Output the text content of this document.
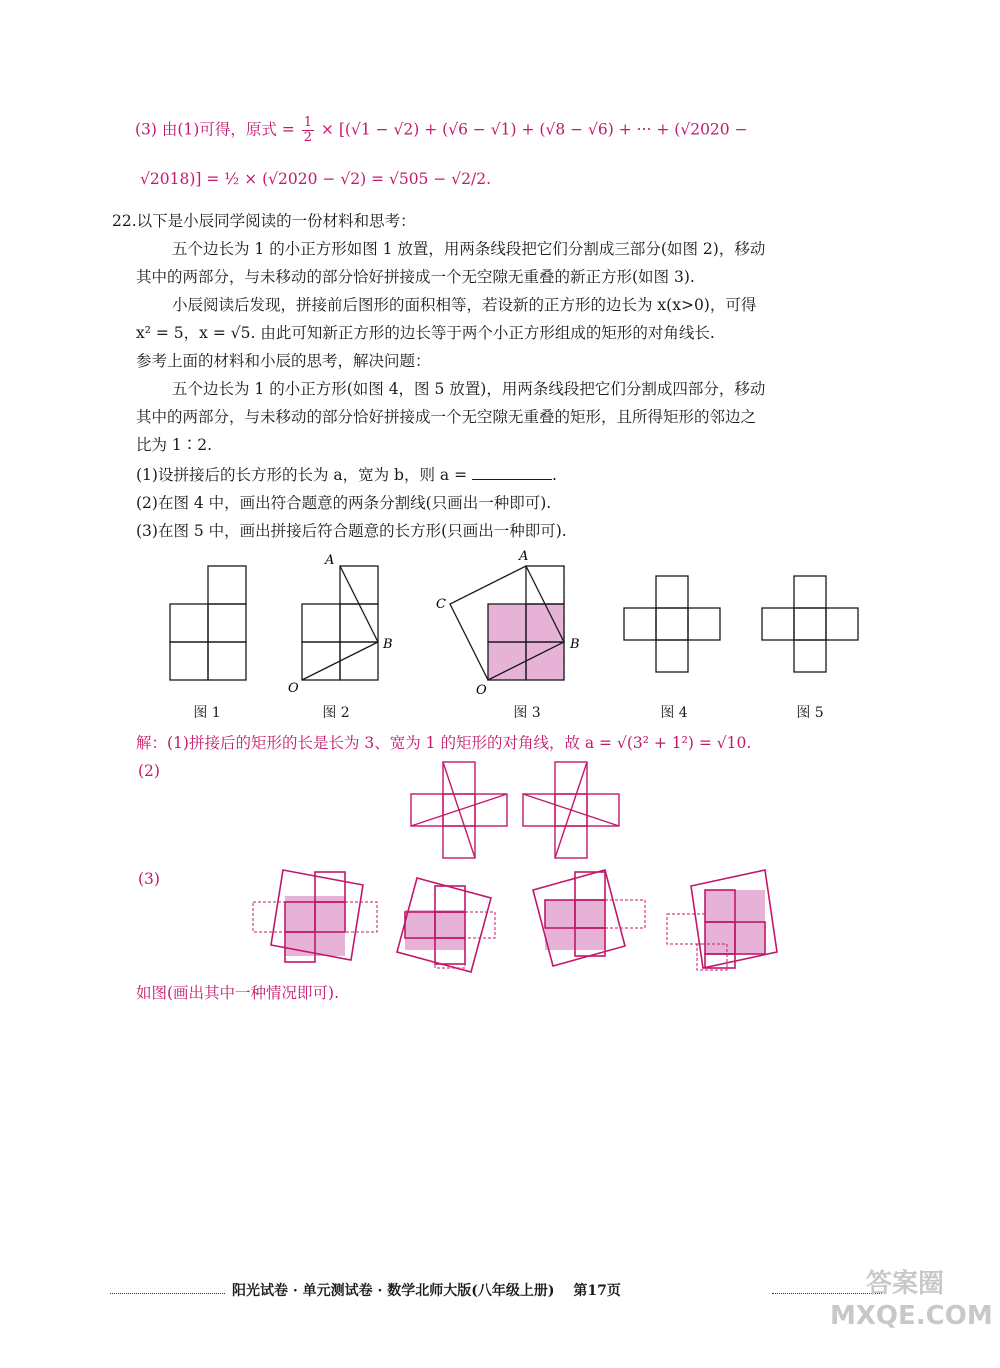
(3) 由(1)可得，原式 = $\frac{1}{2} \times [(√1 - √2) + (√6 - √1) + (√8 - √6)$ + ··· + (√2020 −
√2018)] = ½ × (√2020 − √2) = √505 − √2/2.
22.以下是小辰同学阅读的一份材料和思考：
五个边长为 1 的小正方形如图 1 放置，用两条线段把它们分割成三部分(如图 2)，移动
其中的两部分，与未移动的部分恰好拼接成一个无空隙无重叠的新正方形(如图 3).
小辰阅读后发现，拼接前后图形的面积相等，若设新的正方形的边长为 x(x>0)，可得
x² = 5，x = √5. 由此可知新正方形的边长等于两个小正方形组成的矩形的对角线长.
参考上面的材料和小辰的思考，解决问题：
五个边长为 1 的小正方形(如图 4，图 5 放置)，用两条线段把它们分割成四部分，移动
其中的两部分，与未移动的部分恰好拼接成一个无空隙无重叠的矩形，且所得矩形的邻边之
比为 1∶2.
(1)设拼接后的长方形的长为 a，宽为 b，则 a =	.
(2)在图 4 中，画出符合题意的两条分割线(只画出一种即可).
(3)在图 5 中，画出拼接后符合题意的长方形(只画出一种即可).
A
B
O
A
B
C
O
图 1	图 2	图 3	图 4	图 5
解：(1)拼接后的矩形的长是长为 3、宽为 1 的矩形的对角线，故 a = √(3² + 1²) = √10.
(2)
(3)
如图(画出其中一种情况即可).
阳光试卷 · 单元测试卷 · 数学北师大版(八年级上册) 第17页	答案圈 MXQE.COM
